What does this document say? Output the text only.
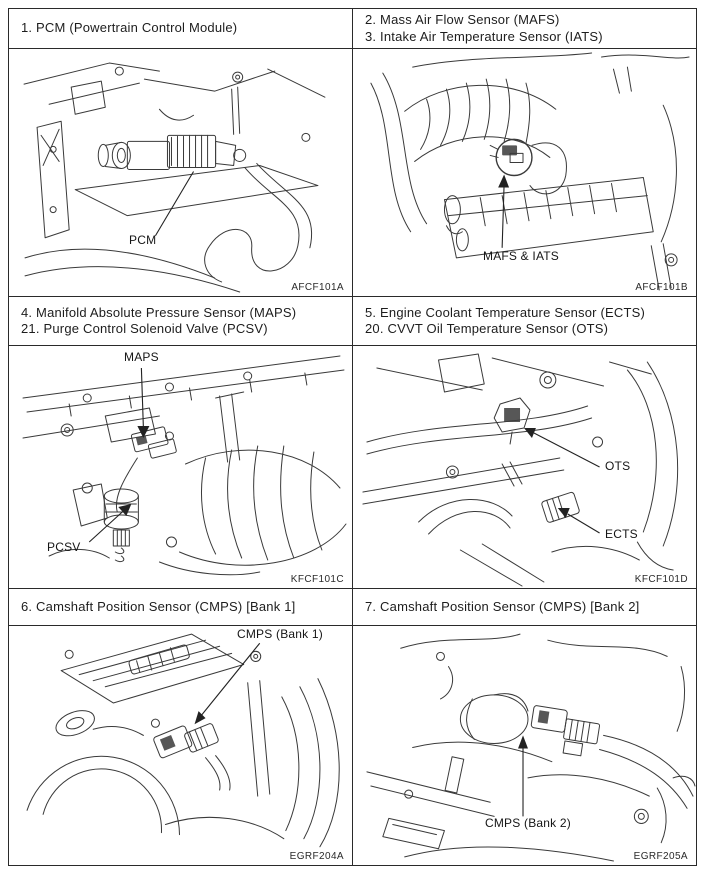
1. PCM (Powertrain Control Module)
PCM
AFCF101A
2. Mass Air Flow Sensor (MAFS)
3. Intake Air Temperature Sensor (IATS)
MAFS & IATS
AFCF101B
4. Manifold Absolute Pressure Sensor (MAPS)
21. Purge Control Solenoid Valve (PCSV)
MAPS
PCSV
KFCF101C
5. Engine Coolant Temperature Sensor (ECTS)
20. CVVT Oil Temperature Sensor (OTS)
OTS
ECTS
KFCF101D
6. Camshaft Position Sensor (CMPS) [Bank 1]
CMPS (Bank 1)
EGRF204A
7. Camshaft Position Sensor (CMPS) [Bank 2]
CMPS (Bank 2)
EGRF205A
